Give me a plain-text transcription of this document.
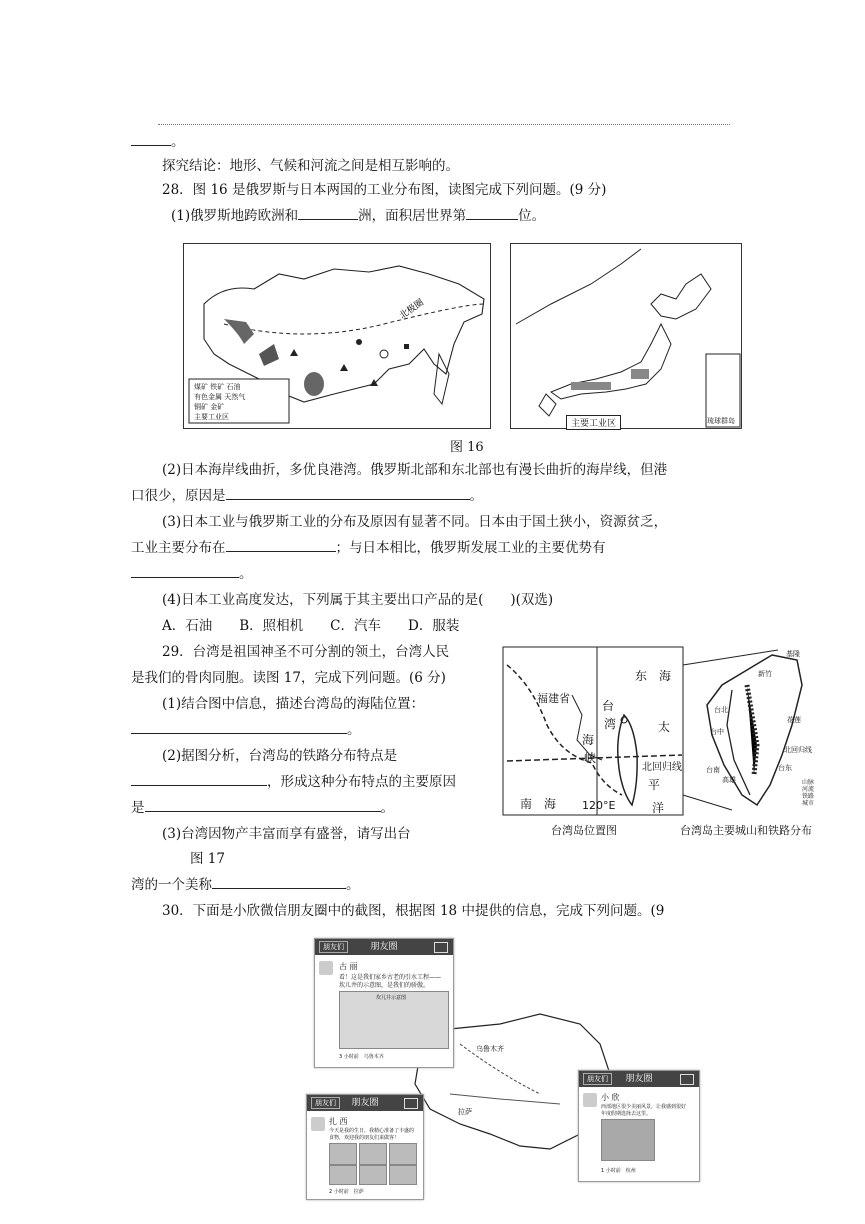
。
探究结论：地形、气候和河流之间是相互影响的。
28．图 16 是俄罗斯与日本两国的工业分布图，读图完成下列问题。(9 分)
(1)俄罗斯地跨欧洲和	洲，面积居世界第	位。
北极圈
煤矿 铁矿 石油
有色金属 天然气
铜矿 金矿
主要工业区
主要工业区	琉球群岛
图 16
(2)日本海岸线曲折，多优良港湾。俄罗斯北部和东北部也有漫长曲折的海岸线，但港
口很少，原因是	。
(3)日本工业与俄罗斯工业的分布及原因有显著不同。日本由于国土狭小，资源贫乏，
工业主要分布在	；与日本相比，俄罗斯发展工业的主要优势有
。
(4)日本工业高度发达，下列属于其主要出口产品的是(　　)(双选)
A．石油　　B．照相机　　C．汽车　　D．服装
29．台湾是祖国神圣不可分割的领土，台湾人民
是我们的骨肉同胞。读图 17，完成下列问题。(6 分)
(1)结合图中信息，描述台湾岛的海陆位置：
。
(2)据图分析，台湾岛的铁路分布特点是
，形成这种分布特点的主要原因
是	。
(3)台湾因物产丰富而享有盛誉，请写出台
图 17
湾的一个美称	。
东　海
福建省
台
湾
海
峡
太
北回归线
平
南　海 120°E	洋
基隆
新竹
台北
台中
花莲
台南
高雄
台东
北回归线
山脉
河流
铁路
城市
台湾岛位置图	台湾岛主要城山和铁路分布
30．下面是小欣微信朋友圈中的截图，根据图 18 中提供的信息，完成下列问题。(9
乌鲁木齐
拉萨
朋友们	朋友圈
古 丽
看！这是我们家乡古老的引水工程——
坎儿井的示意图，是我们的骄傲。
坎儿井示意图
3 小时前　乌鲁木齐
朋友们	朋友圈
扎 西
今天是我的生日，我精心准备了丰盛的
食物，欢迎我的朋友们来做客！
2 小时前　拉萨
朋友们	朋友圈
小 欣
西部地区很少美丽风景，让我感到很好
年度假期选择去这里。
1 小时前　杭州
